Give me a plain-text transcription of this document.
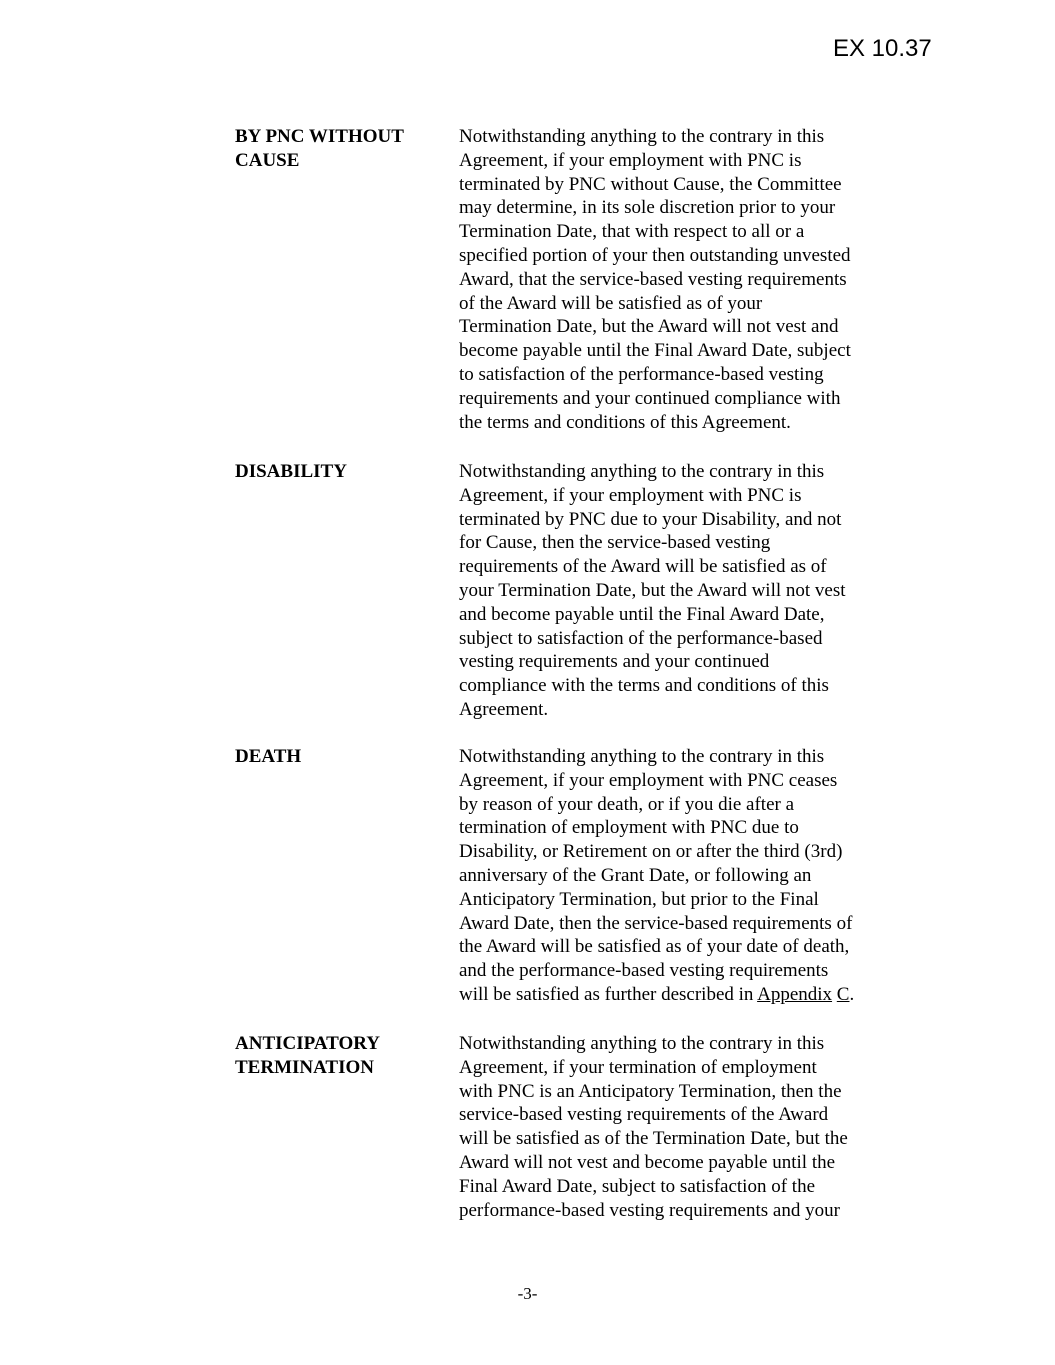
EX 10.37
BY PNC WITHOUT
CAUSE
Notwithstanding anything to the contrary in this
Agreement, if your employment with PNC is
terminated by PNC without Cause, the Committee
may determine, in its sole discretion prior to your
Termination Date, that with respect to all or a
specified portion of your then outstanding unvested
Award, that the service-based vesting requirements
of the Award will be satisfied as of your
Termination Date, but the Award will not vest and
become payable until the Final Award Date, subject
to satisfaction of the performance-based vesting
requirements and your continued compliance with
the terms and conditions of this Agreement.
DISABILITY	Notwithstanding anything to the contrary in this
Agreement, if your employment with PNC is
terminated by PNC due to your Disability, and not
for Cause, then the service-based vesting
requirements of the Award will be satisfied as of
your Termination Date, but the Award will not vest
and become payable until the Final Award Date,
subject to satisfaction of the performance-based
vesting requirements and your continued
compliance with the terms and conditions of this
Agreement.
DEATH	Notwithstanding anything to the contrary in this
Agreement, if your employment with PNC ceases
by reason of your death, or if you die after a
termination of employment with PNC due to
Disability, or Retirement on or after the third (3rd)
anniversary of the Grant Date, or following an
Anticipatory Termination, but prior to the Final
Award Date, then the service-based requirements of
the Award will be satisfied as of your date of death,
and the performance-based vesting requirements
will be satisfied as further described in Appendix C.
ANTICIPATORY
TERMINATION
Notwithstanding anything to the contrary in this
Agreement, if your termination of employment
with PNC is an Anticipatory Termination, then the
service-based vesting requirements of the Award
will be satisfied as of the Termination Date, but the
Award will not vest and become payable until the
Final Award Date, subject to satisfaction of the
performance-based vesting requirements and your
-3-
